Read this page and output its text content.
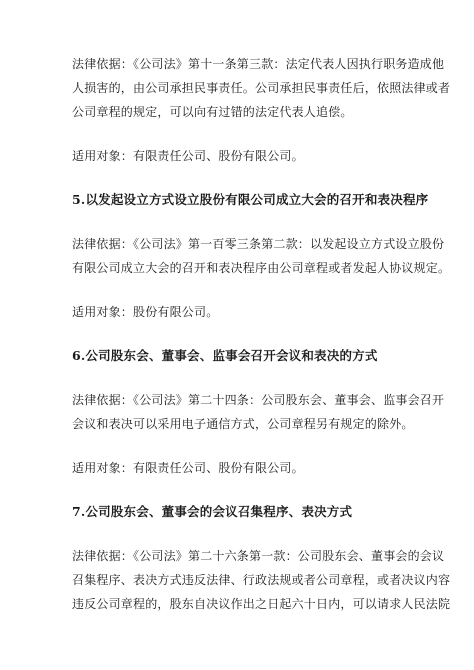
法律依据：《公司法》第十一条第三款：法定代表人因执行职务造成他
人损害的，由公司承担民事责任。公司承担民事责任后，依照法律或者
公司章程的规定，可以向有过错的法定代表人追偿。
适用对象：有限责任公司、股份有限公司。
5.以发起设立方式设立股份有限公司成立大会的召开和表决程序
法律依据：《公司法》第一百零三条第二款：以发起设立方式设立股份
有限公司成立大会的召开和表决程序由公司章程或者发起人协议规定。
适用对象：股份有限公司。
6.公司股东会、董事会、监事会召开会议和表决的方式
法律依据：《公司法》第二十四条：公司股东会、董事会、监事会召开
会议和表决可以采用电子通信方式，公司章程另有规定的除外。
适用对象：有限责任公司、股份有限公司。
7.公司股东会、董事会的会议召集程序、表决方式
法律依据：《公司法》第二十六条第一款：公司股东会、董事会的会议
召集程序、表决方式违反法律、行政法规或者公司章程，或者决议内容
违反公司章程的，股东自决议作出之日起六十日内，可以请求人民法院
